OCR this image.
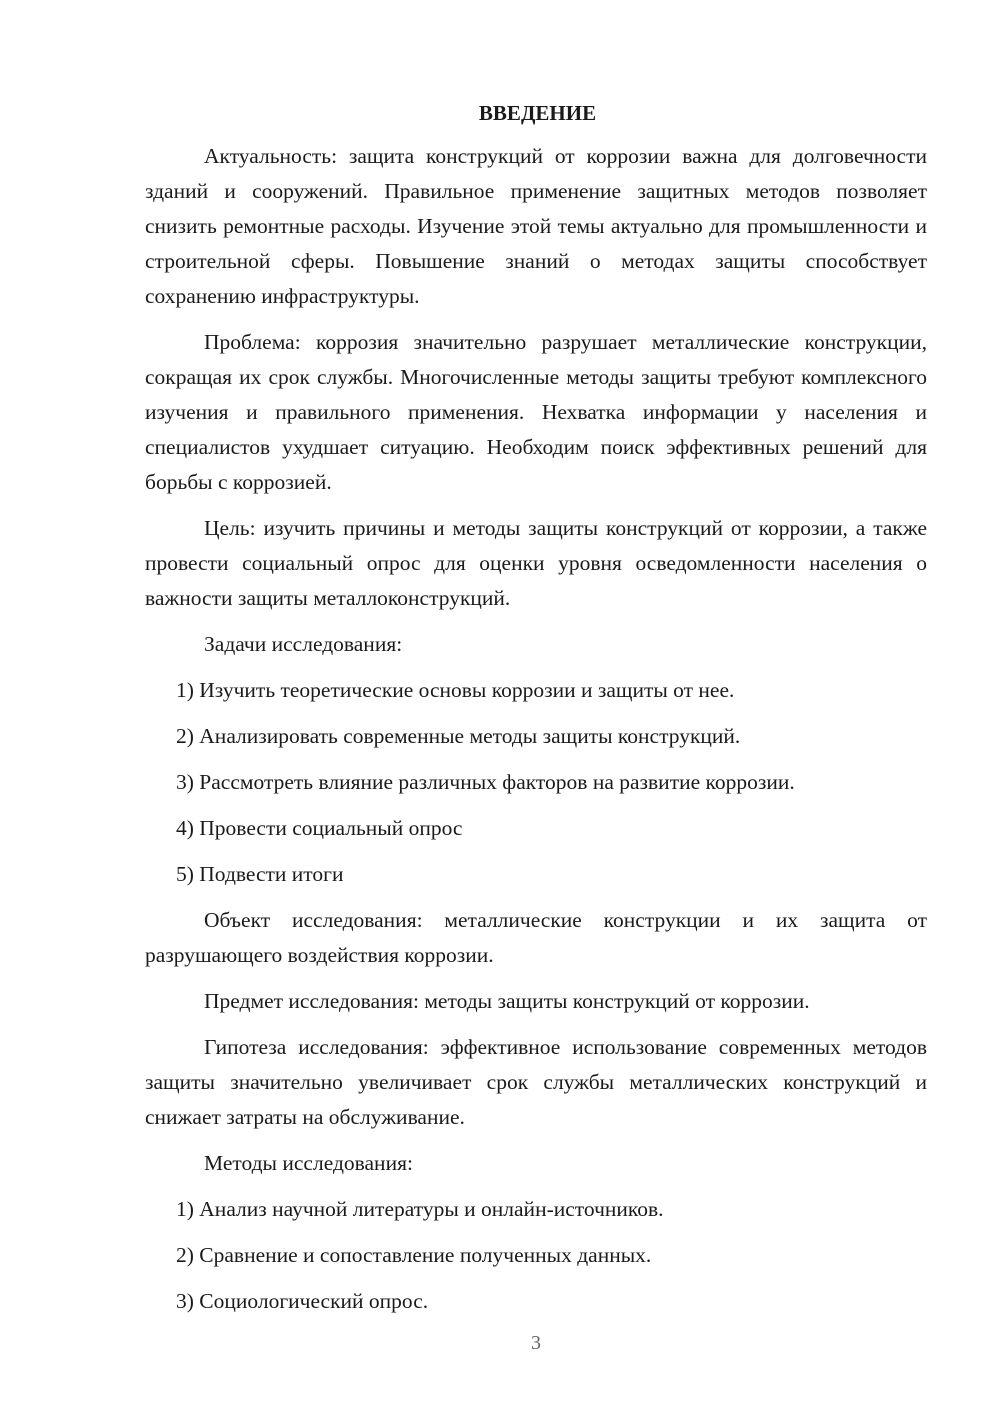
ВВЕДЕНИЕ

Актуальность: защита конструкций от коррозии важна для долговечности зданий и сооружений. Правильное применение защитных методов позволяет снизить ремонтные расходы. Изучение этой темы актуально для промышленности и строительной сферы. Повышение знаний о методах защиты способствует сохранению инфраструктуры.

Проблема: коррозия значительно разрушает металлические конструкции, сокращая их срок службы. Многочисленные методы защиты требуют комплексного изучения и правильного применения. Нехватка информации у населения и специалистов ухудшает ситуацию. Необходим поиск эффективных решений для борьбы с коррозией.

Цель: изучить причины и методы защиты конструкций от коррозии, а также провести социальный опрос для оценки уровня осведомленности населения о важности защиты металлоконструкций.

Задачи исследования:

1) Изучить теоретические основы коррозии и защиты от нее.

2) Анализировать современные методы защиты конструкций.

3) Рассмотреть влияние различных факторов на развитие коррозии.

4) Провести социальный опрос

5) Подвести итоги

Объект исследования: металлические конструкции и их защита от разрушающего воздействия коррозии.

Предмет исследования: методы защиты конструкций от коррозии.

Гипотеза исследования: эффективное использование современных методов защиты значительно увеличивает срок службы металлических конструкций и снижает затраты на обслуживание.

Методы исследования:

1) Анализ научной литературы и онлайн-источников.

2) Сравнение и сопоставление полученных данных.

3) Социологический опрос.

3
